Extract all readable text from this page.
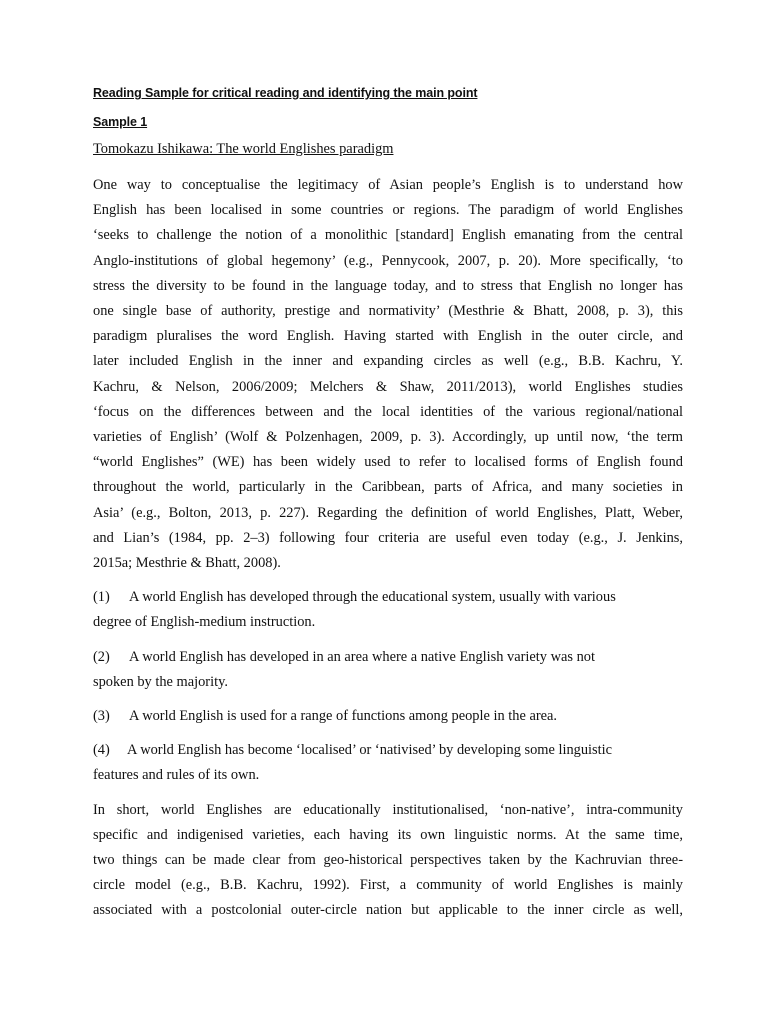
Reading Sample for critical reading and identifying the main point

Sample 1

Tomokazu Ishikawa: The world Englishes paradigm

One way to conceptualise the legitimacy of Asian people’s English is to understand how
English has been localised in some countries or regions. The paradigm of world Englishes
‘seeks to challenge the notion of a monolithic [standard] English emanating from the central
Anglo-institutions of global hegemony’ (e.g., Pennycook, 2007, p. 20). More specifically, ‘to
stress the diversity to be found in the language today, and to stress that English no longer has
one single base of authority, prestige and normativity’ (Mesthrie & Bhatt, 2008, p. 3), this
paradigm pluralises the word English. Having started with English in the outer circle, and
later included English in the inner and expanding circles as well (e.g., B.B. Kachru, Y.
Kachru, & Nelson, 2006/2009; Melchers & Shaw, 2011/2013), world Englishes studies
‘focus on the differences between and the local identities of the various regional/national
varieties of English’ (Wolf & Polzenhagen, 2009, p. 3). Accordingly, up until now, ‘the term
“world Englishes” (WE) has been widely used to refer to localised forms of English found
throughout the world, particularly in the Caribbean, parts of Africa, and many societies in
Asia’ (e.g., Bolton, 2013, p. 227). Regarding the definition of world Englishes, Platt, Weber,
and Lian’s (1984, pp. 2–3) following four criteria are useful even today (e.g., J. Jenkins,
2015a; Mesthrie & Bhatt, 2008).
(1) A world English has developed through the educational system, usually with various
degree of English-medium instruction.
(2) A world English has developed in an area where a native English variety was not
spoken by the majority.
(3) A world English is used for a range of functions among people in the area.
(4) A world English has become ‘localised’ or ‘nativised’ by developing some linguistic
features and rules of its own.
In short, world Englishes are educationally institutionalised, ‘non-native’, intra-community
specific and indigenised varieties, each having its own linguistic norms. At the same time,
two things can be made clear from geo-historical perspectives taken by the Kachruvian three-
circle model (e.g., B.B. Kachru, 1992). First, a community of world Englishes is mainly
associated with a postcolonial outer-circle nation but applicable to the inner circle as well,
